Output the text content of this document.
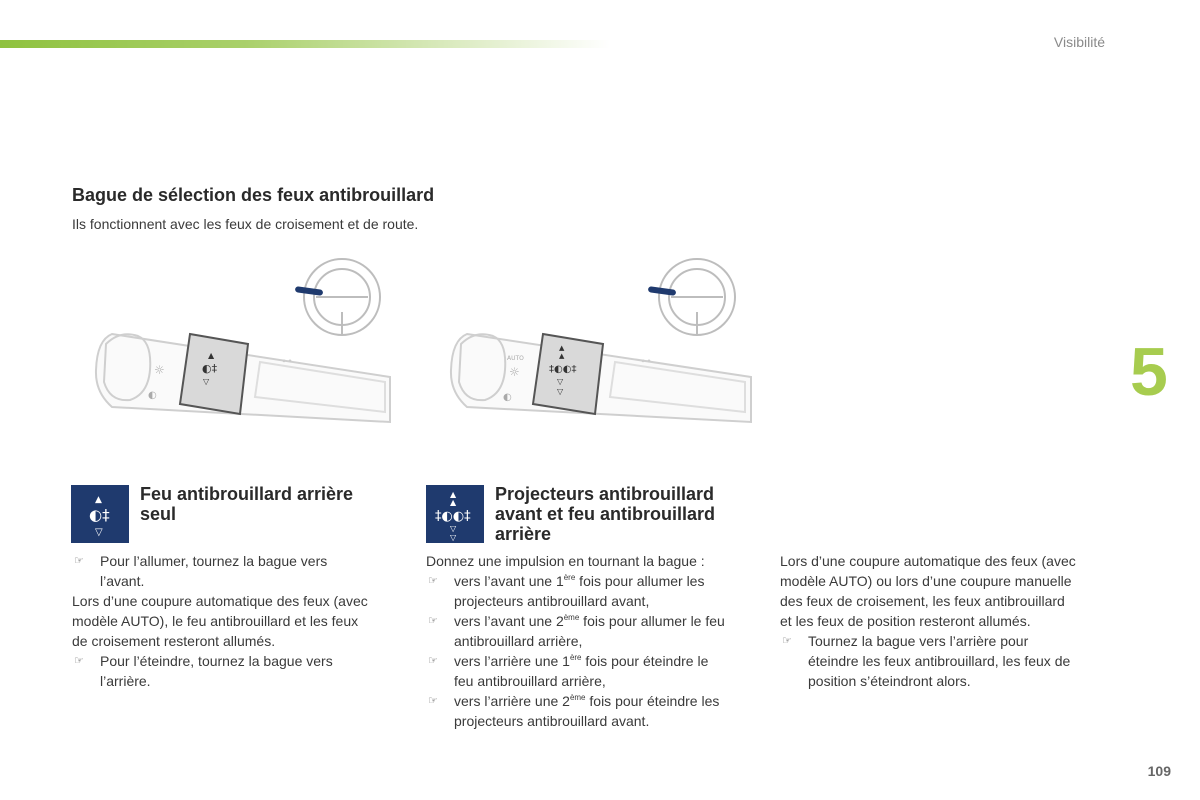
Visibilité
5
109
Bague de sélection des feux antibrouillard
Ils fonctionnent avec les feux de croisement et de route.
▲
◐‡
▽
☼
◐
⊶
▲
▲
‡◐◐‡
▽
▽
AUTO
☼
◐
⊶
▲
◐‡
▽
Feu antibrouillard arrière
seul

☞ Pour l’allumer, tournez la bague vers
l’avant.

Lors d’une coupure automatique des feux (avec
modèle AUTO), le feu antibrouillard et les feux
de croisement resteront allumés.

☞ Pour l’éteindre, tournez la bague vers
l’arrière.

▲
▲
‡◐◐‡
▽
▽
Projecteurs antibrouillard
avant et feu antibrouillard
arrière

Donnez une impulsion en tournant la bague :

☞ vers l’avant une 1ère fois pour allumer les
projecteurs antibrouillard avant,

☞ vers l’avant une 2ème fois pour allumer le feu
antibrouillard arrière,

☞ vers l’arrière une 1ère fois pour éteindre le
feu antibrouillard arrière,

☞ vers l’arrière une 2ème fois pour éteindre les
projecteurs antibrouillard avant.

Lors d’une coupure automatique des feux (avec
modèle AUTO) ou lors d’une coupure manuelle
des feux de croisement, les feux antibrouillard
et les feux de position resteront allumés.

☞ Tournez la bague vers l’arrière pour
éteindre les feux antibrouillard, les feux de
position s’éteindront alors.
